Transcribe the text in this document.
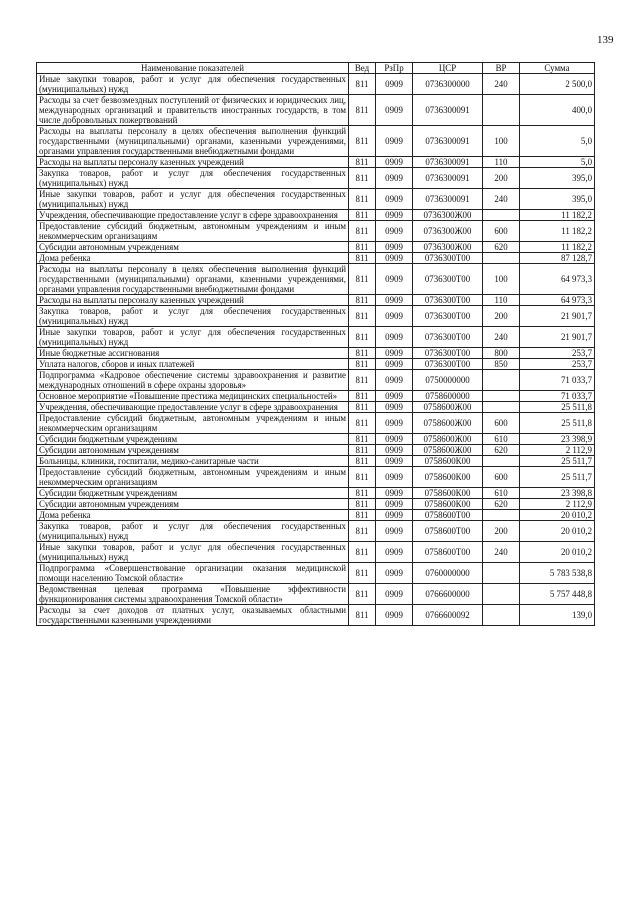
139
Наименование показателей	Вед	РзПр	ЦСР	ВР	Сумма
Иные закупки товаров, работ и услуг для обеспечения государственных (муниципальных) нужд	811	0909	0736300000	240	2 500,0
Расходы за счет безвозмездных поступлений от физических и юридических лиц, международных организаций и правительств иностранных государств, в том числе добровольных пожертвований	811	0909	0736300091		400,0
Расходы на выплаты персоналу в целях обеспечения выполнения функций государственными (муниципальными) органами, казенными учреждениями, органами управления государственными внебюджетными фондами	811	0909	0736300091	100	5,0
Расходы на выплаты персоналу казенных учреждений	811	0909	0736300091	110	5,0
Закупка товаров, работ и услуг для обеспечения государственных (муниципальных) нужд	811	0909	0736300091	200	395,0
Иные закупки товаров, работ и услуг для обеспечения государственных (муниципальных) нужд	811	0909	0736300091	240	395,0
Учреждения, обеспечивающие предоставление услуг в сфере здравоохранения	811	0909	0736300Ж00		11 182,2
Предоставление субсидий бюджетным, автономным учреждениям и иным некоммерческим организациям	811	0909	0736300Ж00	600	11 182,2
Субсидии автономным учреждениям	811	0909	0736300Ж00	620	11 182,2
Дома ребенка	811	0909	0736300Т00		87 128,7
Расходы на выплаты персоналу в целях обеспечения выполнения функций государственными (муниципальными) органами, казенными учреждениями, органами управления государственными внебюджетными фондами	811	0909	0736300Т00	100	64 973,3
Расходы на выплаты персоналу казенных учреждений	811	0909	0736300Т00	110	64 973,3
Закупка товаров, работ и услуг для обеспечения государственных (муниципальных) нужд	811	0909	0736300Т00	200	21 901,7
Иные закупки товаров, работ и услуг для обеспечения государственных (муниципальных) нужд	811	0909	0736300Т00	240	21 901,7
Иные бюджетные ассигнования	811	0909	0736300Т00	800	253,7
Уплата налогов, сборов и иных платежей	811	0909	0736300Т00	850	253,7
Подпрограмма «Кадровое обеспечение системы здравоохранения и развитие международных отношений в сфере охраны здоровья»	811	0909	0750000000		71 033,7
Основное мероприятие «Повышение престижа медицинских специальностей»	811	0909	0758600000		71 033,7
Учреждения, обеспечивающие предоставление услуг в сфере здравоохранения	811	0909	0758600Ж00		25 511,8
Предоставление субсидий бюджетным, автономным учреждениям и иным некоммерческим организациям	811	0909	0758600Ж00	600	25 511,8
Субсидии бюджетным учреждениям	811	0909	0758600Ж00	610	23 398,9
Субсидии автономным учреждениям	811	0909	0758600Ж00	620	2 112,9
Больницы, клиники, госпитали, медико-санитарные части	811	0909	0758600К00		25 511,7
Предоставление субсидий бюджетным, автономным учреждениям и иным некоммерческим организациям	811	0909	0758600К00	600	25 511,7
Субсидии бюджетным учреждениям	811	0909	0758600К00	610	23 398,8
Субсидии автономным учреждениям	811	0909	0758600К00	620	2 112,9
Дома ребенка	811	0909	0758600Т00		20 010,2
Закупка товаров, работ и услуг для обеспечения государственных (муниципальных) нужд	811	0909	0758600Т00	200	20 010,2
Иные закупки товаров, работ и услуг для обеспечения государственных (муниципальных) нужд	811	0909	0758600Т00	240	20 010,2
Подпрограмма «Совершенствование организации оказания медицинской помощи населению Томской области»	811	0909	0760000000		5 783 538,8
Ведомственная целевая программа «Повышение эффективности функционирования системы здравоохранения Томской области»	811	0909	0766600000		5 757 448,8
Расходы за счет доходов от платных услуг, оказываемых областными государственными казенными учреждениями	811	0909	0766600092		139,0
